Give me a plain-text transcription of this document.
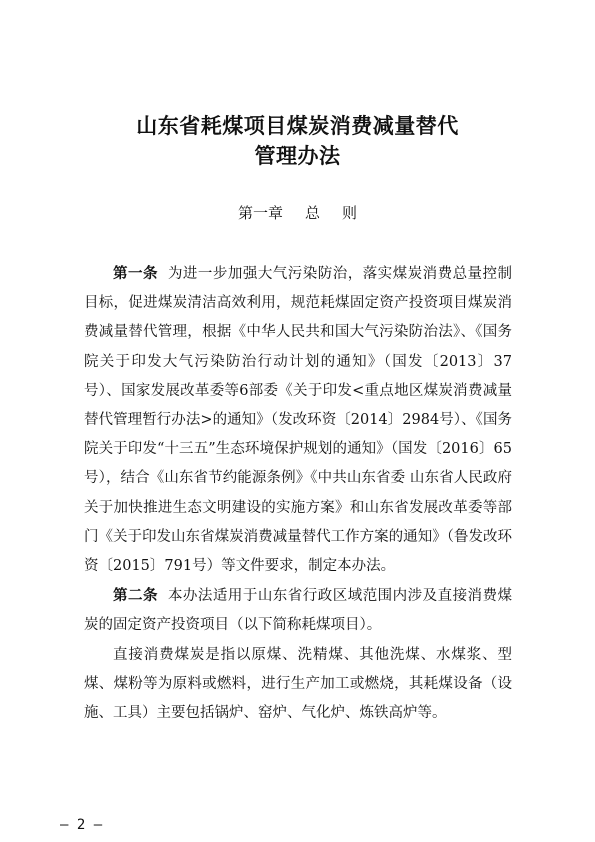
山东省耗煤项目煤炭消费减量替代
管理办法
第一章 总 则

第一条 为进一步加强大气污染防治，落实煤炭消费总量控制目标，促进煤炭清洁高效利用，规范耗煤固定资产投资项目煤炭消费减量替代管理，根据《中华人民共和国大气污染防治法》、《国务院关于印发大气污染防治行动计划的通知》（国发〔2013〕37号）、国家发展改革委等6部委《关于印发<重点地区煤炭消费减量替代管理暂行办法>的通知》（发改环资〔2014〕2984号）、《国务院关于印发“十三五”生态环境保护规划的通知》（国发〔2016〕65号），结合《山东省节约能源条例》《中共山东省委 山东省人民政府关于加快推进生态文明建设的实施方案》和山东省发展改革委等部门《关于印发山东省煤炭消费减量替代工作方案的通知》（鲁发改环资〔2015〕791号）等文件要求，制定本办法。

第二条 本办法适用于山东省行政区域范围内涉及直接消费煤炭的固定资产投资项目（以下简称耗煤项目）。

直接消费煤炭是指以原煤、洗精煤、其他洗煤、水煤浆、型煤、煤粉等为原料或燃料，进行生产加工或燃烧，其耗煤设备（设施、工具）主要包括锅炉、窑炉、气化炉、炼铁高炉等。

— 2 —
